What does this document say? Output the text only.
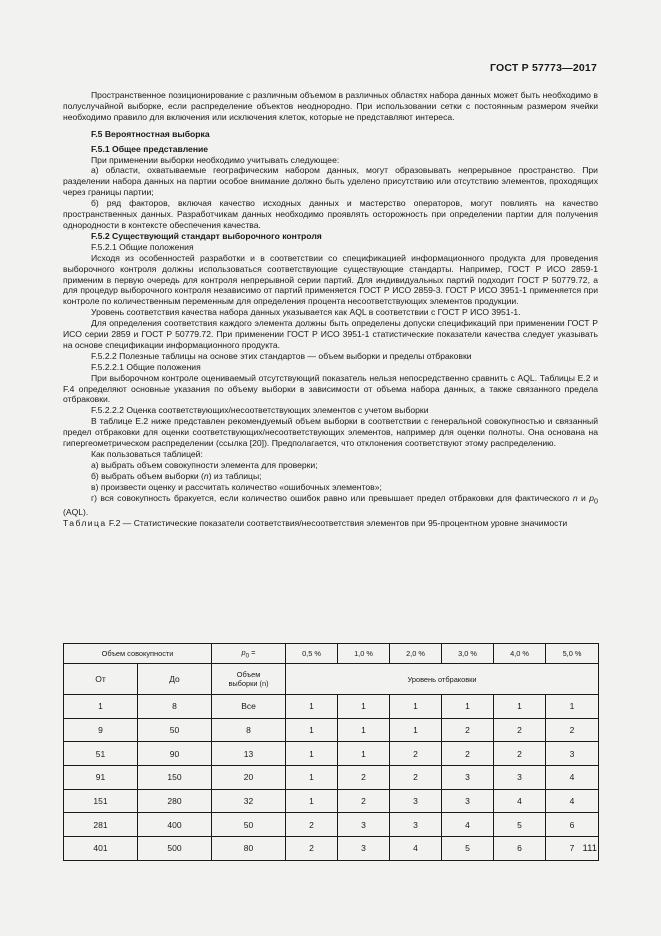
ГОСТ Р 57773—2017

Пространственное позиционирование с различным объемом в различных областях набора данных может быть необходимо в полуслучайной выборке, если распределение объектов неоднородно. При использовании сетки с постоянным размером ячейки необходимо правило для включения или исключения клеток, которые не представляют интереса.

F.5 Вероятностная выборка

F.5.1 Общее представление

При применении выборки необходимо учитывать следующее:

а) области, охватываемые географическим набором данных, могут образовывать непрерывное пространство. При разделении набора данных на партии особое внимание должно быть уделено присутствию или отсутствию элементов, проходящих через границы партии;

б) ряд факторов, включая качество исходных данных и мастерство операторов, могут повлиять на качество пространственных данных. Разработчикам данных необходимо проявлять осторожность при определении партии для получения однородности в контексте обеспечения качества.

F.5.2 Существующий стандарт выборочного контроля

F.5.2.1 Общие положения

Исходя из особенностей разработки и в соответствии со спецификацией информационного продукта для проведения выборочного контроля должны использоваться соответствующие существующие стандарты. Например, ГОСТ Р ИСО 2859-1 применим в первую очередь для контроля непрерывной серии партий. Для индивидуальных партий подходит ГОСТ Р 50779.72, а для процедур выборочного контроля независимо от партий применяется ГОСТ Р ИСО 2859-3. ГОСТ Р ИСО 3951-1 применяется при контроле по количественным переменным для определения процента несоответствующих элементов продукции.

Уровень соответствия качества набора данных указывается как AQL в соответствии с ГОСТ Р ИСО 3951-1.

Для определения соответствия каждого элемента должны быть определены допуски спецификаций при применении ГОСТ Р ИСО серии 2859 и ГОСТ Р 50779.72. При применении ГОСТ Р ИСО 3951-1 статистические показатели качества следует указывать на основе спецификации информационного продукта.

F.5.2.2 Полезные таблицы на основе этих стандартов — объем выборки и пределы отбраковки

F.5.2.2.1 Общие положения

При выборочном контроле оцениваемый отсутствующий показатель нельзя непосредственно сравнить с AQL. Таблицы Е.2 и F.4 определяют основные указания по объему выборки в зависимости от объема набора данных, а также связанного предела отбраковки.

F.5.2.2.2 Оценка соответствующих/несоответствующих элементов с учетом выборки

В таблице Е.2 ниже представлен рекомендуемый объем выборки в соответствии с генеральной совокупностью и связанный предел отбраковки для оценки соответствующих/несоответствующих элементов, например для оценки полноты. Она основана на гипергеометрическом распределении (ссылка [20]). Предполагается, что отклонения соответствуют этому распределению.

Как пользоваться таблицей:

а) выбрать объем совокупности элемента для проверки;

б) выбрать объем выборки (n) из таблицы;

в) произвести оценку и рассчитать количество «ошибочных элементов»;

г) вся совокупность бракуется, если количество ошибок равно или превышает предел отбраковки для фактического n и $p_0$ (AQL).

Таблица F.2 — Статистические показатели соответствия/несоответствия элементов при 95-процентном уровне значимости

Объем совокупности		$p_0$ =	0,5 %	1,0 %	2,0 %	3,0 %	4,0 %	5,0 %
От	До	Объем
выборки (n)	Уровень отбраковки					
1	8	Все	1	1	1	1	1	1
9	50	8	1	1	1	2	2	2
51	90	13	1	1	2	2	2	3
91	150	20	1	2	2	3	3	4
151	280	32	1	2	3	3	4	4
281	400	50	2	3	3	4	5	6
401	500	80	2	3	4	5	6	7 111
